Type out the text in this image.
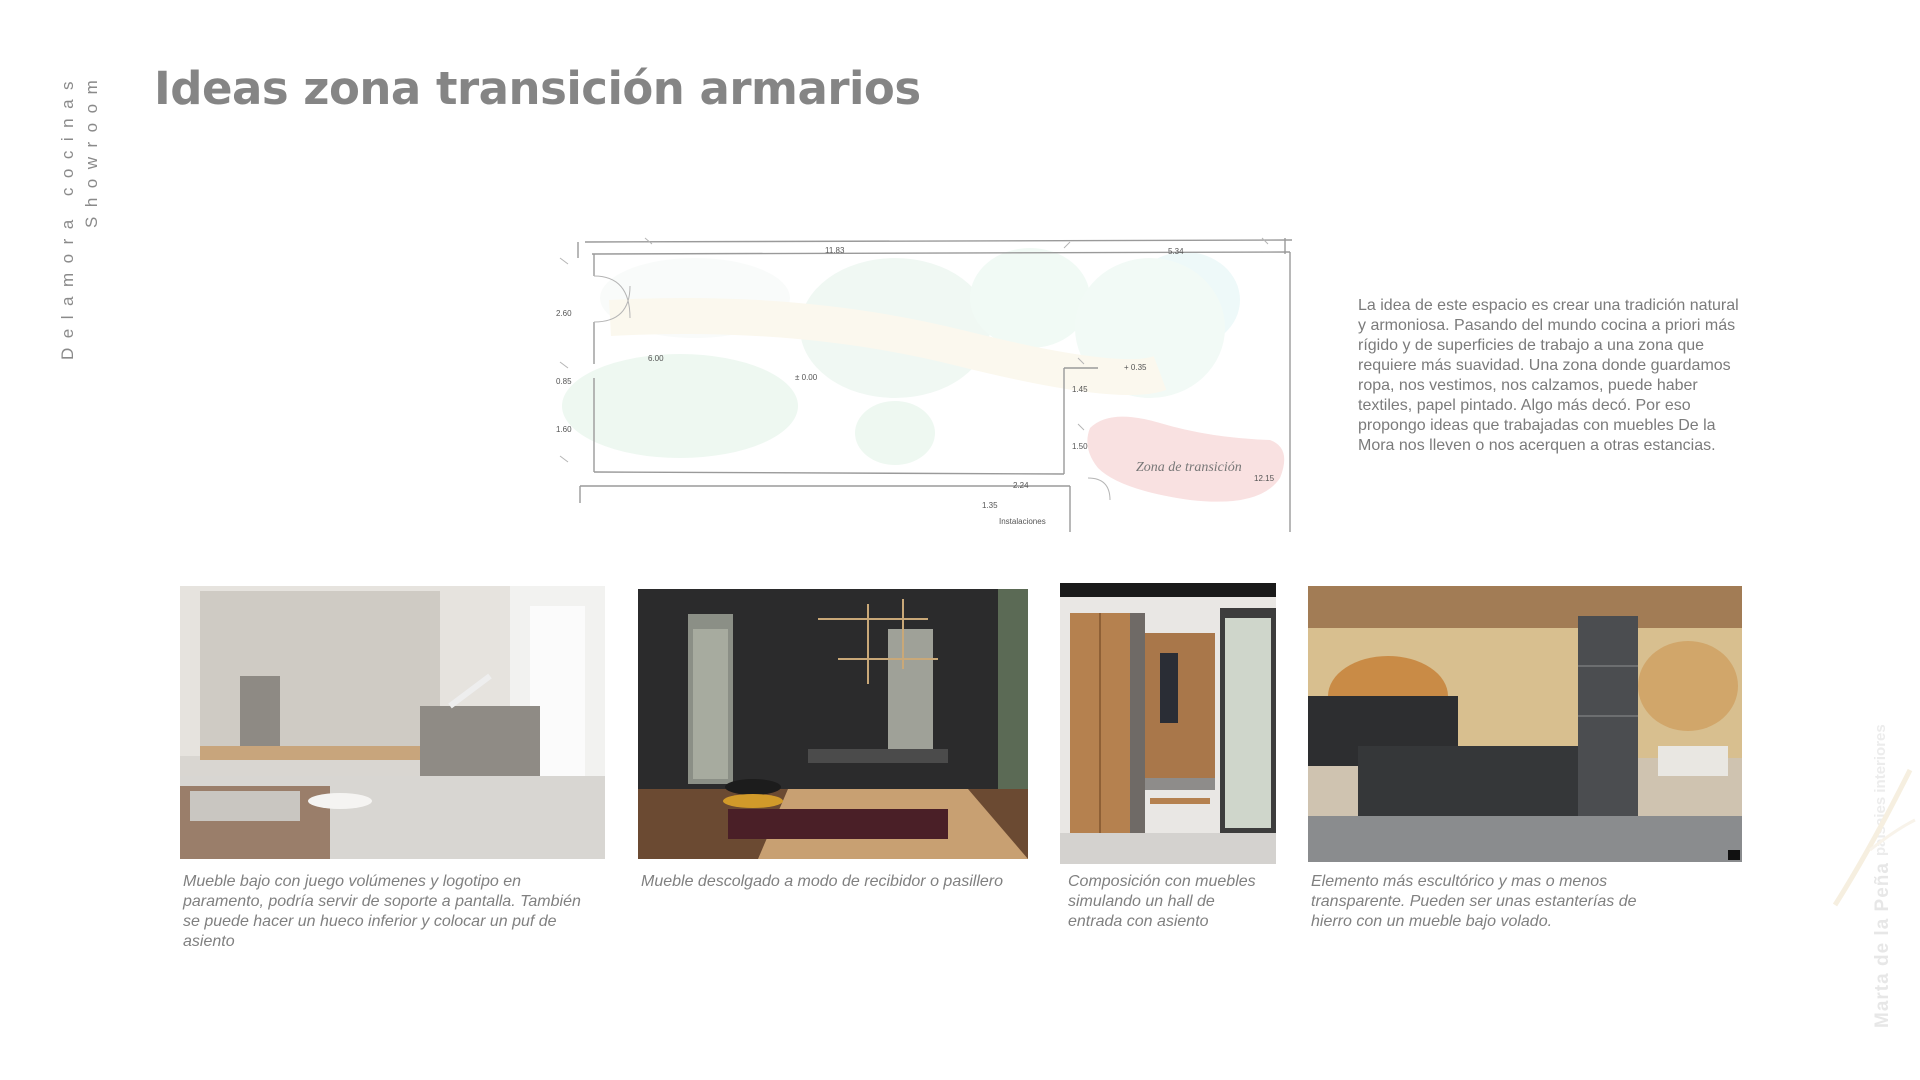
Delamora cocinas Showroom Ideas zona transición armarios
11.83	5.34
2.60
0.85
1.60
6.00
± 0.00
+ 0.35
1.45
1.50
2.24
1.35
12.15
Instalaciones
Zona de transición

La idea de este espacio es crear una tradición natural y armoniosa. Pasando del mundo cocina a priori más rígido y de superficies de trabajo a una zona que requiere más suavidad. Una zona donde guardamos ropa, nos vestimos, nos calzamos, puede haber textiles, papel pintado. Algo más decó. Por eso propongo ideas que trabajadas con muebles De la Mora nos lleven o nos acerquen a otras estancias.

Mueble bajo con juego volúmenes y logotipo en paramento, podría servir de soporte a pantalla. También se puede hacer un hueco inferior y colocar un puf de asiento

Mueble descolgado a modo de recibidor o pasillero	Composición con muebles simulando un hall de entrada con asiento

Elemento más escultórico y mas o menos transparente. Pueden ser unas estanterías de hierro con un mueble bajo volado.	Marta de la Peña
paisajes interiores
